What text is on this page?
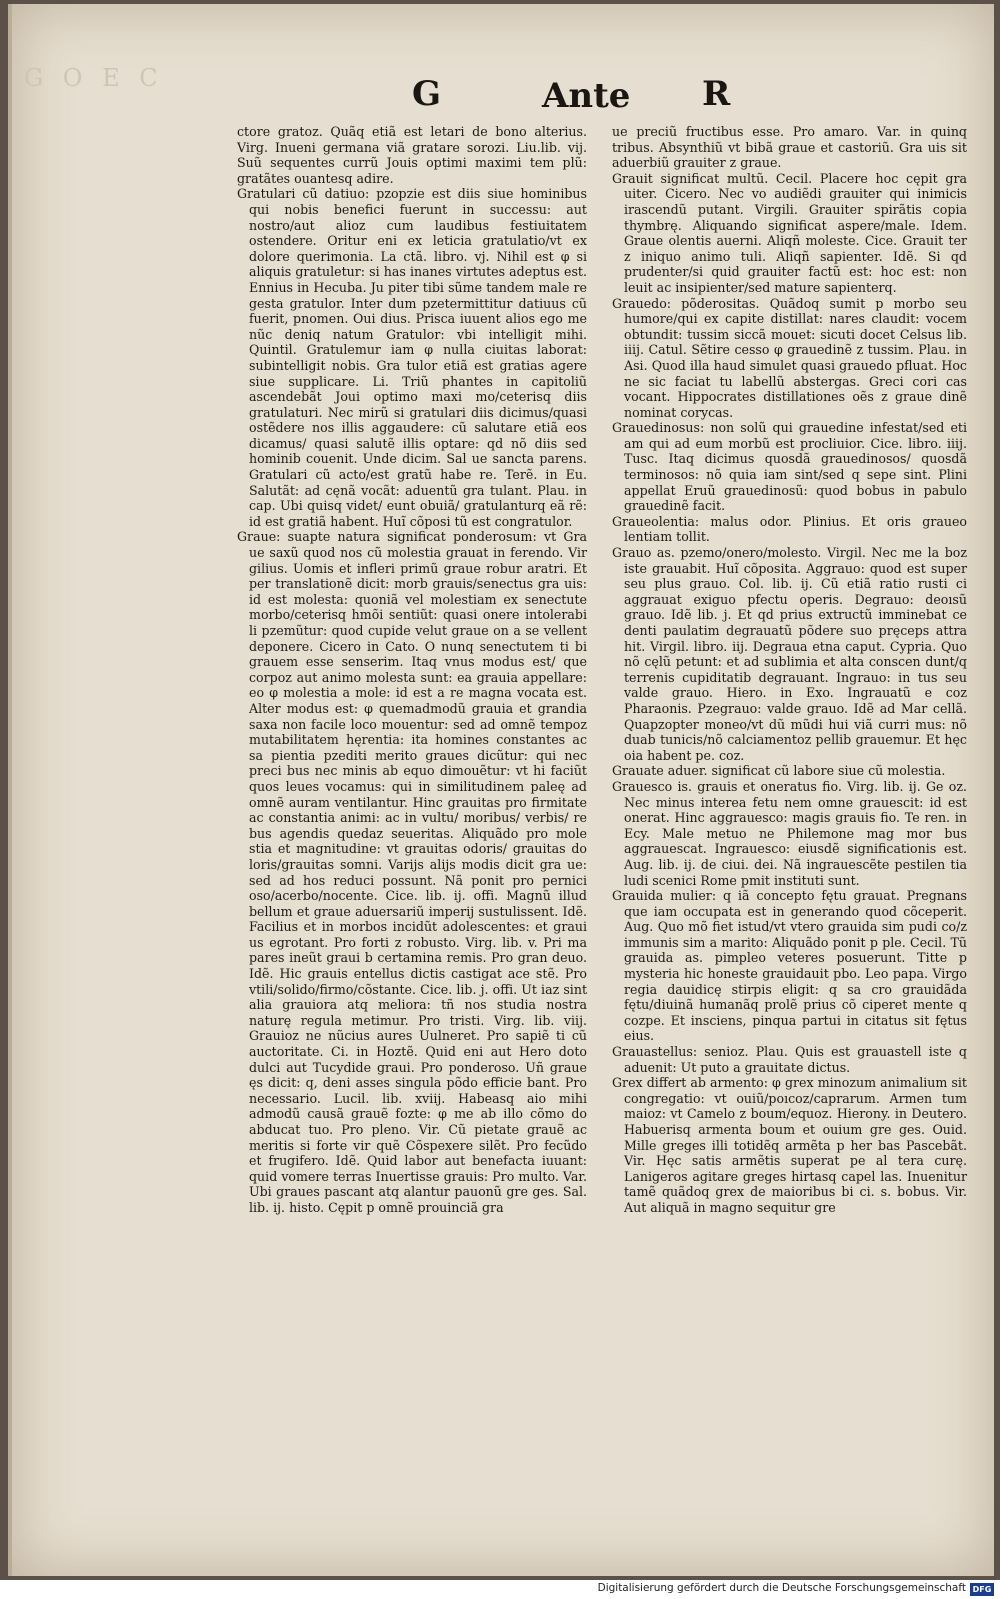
G O E C	G	Ante R

ctore gratoz. Quãq etiã est letari de bono alterius. Virg. Inueni germana viã gratare sorozi. Liu.lib. vij. Suũ sequentes currũ Jouis optimi maximi tem plũ: gratãtes ouantesq adire.

Gratulari cũ datiuo: pzopzie est diis siue hominibus qui nobis benefici fuerunt in successu: aut nostro/aut alioz cum laudibus festiuitatem ostendere. Oritur eni ex leticia gratulatio/vt ex dolore querimonia. La ctã. libro. vj. Nihil est φ si aliquis gratuletur: si has inanes virtutes adeptus est. Ennius in Hecuba. Ju piter tibi sũme tandem male re gesta gratulor. Inter dum pzetermittitur datiuus cũ fuerit, pnomen. Oui dius. Prisca iuuent alios ego me nũc deniq natum Gratulor: vbi intelligit mihi. Quintil. Gratulemur iam φ nulla ciuitas laborat: subintelligit nobis. Gra tulor etiã est gratias agere siue supplicare. Li. Triũ phantes in capitoliũ ascendebãt Joui optimo maxi mo/ceterisq diis gratulaturi. Nec mirũ si gratulari diis dicimus/quasi ostẽdere nos illis aggaudere: cũ salutare etiã eos dicamus/ quasi salutẽ illis optare: qd nõ diis sed hominib couenit. Unde dicim. Sal ue sancta parens. Gratulari cũ acto/est gratũ habe re. Terẽ. in Eu. Salutãt: ad cęnã vocãt: aduentũ gra tulant. Plau. in cap. Ubi quisq videt/ eunt obuiã/ gratulanturq eã rẽ: id est gratiã habent. Huĩ cõposi tũ est congratulor.

Graue: suapte natura significat ponderosum: vt Gra ue saxũ quod nos cũ molestia grauat in ferendo. Vir gilius. Uomis et infleri primũ graue robur aratri. Et per translationẽ dicit: morb grauis/senectus gra uis: id est molesta: quoniã vel molestiam ex senectute morbo/ceterisq hmõi sentiũt: quasi onere intolerabi li pzemũtur: quod cupide velut graue on a se vellent deponere. Cicero in Cato. O nunq senectutem ti bi grauem esse senserim. Itaq vnus modus est/ que corpoz aut animo molesta sunt: ea grauia appellare: eo φ molestia a mole: id est a re magna vocata est. Alter modus est: φ quemadmodũ grauia et grandia saxa non facile loco mouentur: sed ad omnẽ tempoz mutabilitatem hęrentia: ita homines constantes ac sa pientia pzediti merito graues dicũtur: qui nec preci bus nec minis ab equo dimouẽtur: vt hi faciũt quos leues vocamus: qui in similitudinem paleę ad omnẽ auram ventilantur. Hinc grauitas pro firmitate ac constantia animi: ac in vultu/ moribus/ verbis/ re bus agendis quedaz seueritas. Aliquãdo pro mole stia et magnitudine: vt grauitas odoris/ grauitas do loris/grauitas somni. Varijs alijs modis dicit gra ue: sed ad hos reduci possunt. Nã ponit pro pernici oso/acerbo/nocente. Cice. lib. ij. offi. Magnũ illud bellum et graue aduersariũ imperij sustulissent. Idẽ. Facilius et in morbos incidũt adolescentes: et graui us egrotant. Pro forti z robusto. Virg. lib. v. Pri ma pares ineũt graui b certamina remis. Pro gran deuo. Idẽ. Hic grauis entellus dictis castigat ace stẽ. Pro vtili/solido/firmo/cõstante. Cice. lib. j. offi. Ut iaz sint alia grauiora atq meliora: tñ nos studia nostra naturę regula metimur. Pro tristi. Virg. lib. viij. Grauioz ne nũcius aures Uulneret. Pro sapiẽ ti cũ auctoritate. Ci. in Hoztẽ. Quid eni aut Hero doto dulci aut Tucydide graui. Pro ponderoso. Uñ graue ęs dicit: q, deni asses singula põdo efficie bant. Pro necessario. Lucil. lib. xviij. Habeasq aio mihi admodũ causã grauẽ fozte: φ me ab illo cõmo do abducat tuo. Pro pleno. Vir. Cũ pietate grauẽ ac meritis si forte vir quẽ Cõspexere silẽt. Pro fecũdo et frugifero. Idẽ. Quid labor aut benefacta iuuant: quid vomere terras Inuertisse grauis: Pro multo. Var. Ubi graues pascant atq alantur pauonũ gre ges. Sal. lib. ij. histo. Cępit p omnẽ prouinciã gra

ue preciũ fructibus esse. Pro amaro. Var. in quinq tribus. Absynthiũ vt bibã graue et castoriũ. Gra uis sit aduerbiũ grauiter z graue.

Grauit significat multũ. Cecil. Placere hoc cępit gra uiter. Cicero. Nec vo audiẽdi grauiter qui inimicis irascendũ putant. Virgili. Grauiter spirãtis copia thymbrę. Aliquando significat aspere/male. Idem. Graue olentis auerni. Aliqñ moleste. Cice. Grauit ter z iniquo animo tuli. Aliqñ sapienter. Idẽ. Si qd prudenter/si quid grauiter factũ est: hoc est: non leuit ac insipienter/sed mature sapienterq.

Grauedo: põderositas. Quãdoq sumit p morbo seu humore/qui ex capite distillat: nares claudit: vocem obtundit: tussim siccã mouet: sicuti docet Celsus lib. iiij. Catul. Sẽtire cesso φ grauedinẽ z tussim. Plau. in Asi. Quod illa haud simulet quasi grauedo pfluat. Hoc ne sic faciat tu labellũ abstergas. Greci cori cas vocant. Hippocrates distillationes oẽs z graue dinẽ nominat corycas.

Grauedinosus: non solũ qui grauedine infestat/sed eti am qui ad eum morbũ est procliuior. Cice. libro. iiij. Tusc. Itaq dicimus quosdã grauedinosos/ quosdã terminosos: nõ quia iam sint/sed q sepe sint. Plini appellat Eruũ grauedinosũ: quod bobus in pabulo grauedinẽ facit.

Graueolentia: malus odor. Plinius. Et oris graueo lentiam tollit.

Grauo as. pzemo/onero/molesto. Virgil. Nec me la boz iste grauabit. Huĩ cõposita. Aggrauo: quod est super seu plus grauo. Col. lib. ij. Cũ etiã ratio rusti ci aggrauat exiguo pfectu operis. Degrauo: deoısũ grauo. Idẽ lib. j. Et qd prius extructũ imminebat ce denti paulatim degrauatũ põdere suo pręceps attra hit. Virgil. libro. iij. Degraua etna caput. Cypria. Quo nõ cęlũ petunt: et ad sublimia et alta conscen dunt/q terrenis cupiditatib degrauant. Ingrauo: in tus seu valde grauo. Hiero. in Exo. Ingrauatũ e coz Pharaonis. Pzegrauo: valde grauo. Idẽ ad Mar cellã. Quapzopter moneo/vt dũ mũdi hui viã curri mus: nõ duab tunicis/nõ calciamentoz pellib grauemur. Et hęc oia habent pe. coz.

Grauate aduer. significat cũ labore siue cũ molestia.

Grauesco is. grauis et oneratus fio. Virg. lib. ij. Ge oz. Nec minus interea fetu nem omne grauescit: id est onerat. Hinc aggrauesco: magis grauis fio. Te ren. in Ecy. Male metuo ne Philemone mag mor bus aggrauescat. Ingrauesco: eiusdẽ significationis est. Aug. lib. ij. de ciui. dei. Nã ingrauescẽte pestilen tia ludi scenici Rome pmit instituti sunt.

Grauida mulier: q iã concepto fętu grauat. Pregnans que iam occupata est in generando quod cõceperit. Aug. Quo mõ fiet istud/vt vtero grauida sim pudi co/z immunis sim a marito: Aliquãdo ponit p ple. Cecil. Tũ grauida as. pimpleo veteres posuerunt. Titte p mysteria hic honeste grauidauit pbo. Leo papa. Virgo regia dauidicę stirpis eligit: q sa cro grauidãda fętu/diuinã humanãq prolẽ prius cõ ciperet mente q cozpe. Et insciens, pinqua partui in citatus sit fętus eius.

Grauastellus: senioz. Plau. Quis est grauastell iste q aduenit: Ut puto a grauitate dictus.

Grex differt ab armento: φ grex minozum animalium sit congregatio: vt ouiũ/poıcoz/caprarum. Armen tum maioz: vt Camelo z boum/equoz. Hierony. in Deutero. Habuerisq armenta boum et ouium gre ges. Ouid. Mille greges illi totidẽq armẽta p her bas Pascebãt. Vir. Hęc satis armẽtis superat pe al tera curę. Lanigeros agitare greges hirtasq capel las. Inuenitur tamẽ quãdoq grex de maioribus bi ci. s. bobus. Vir. Aut aliquã in magno sequitur gre

Digitalisierung gefördert durch die Deutsche Forschungsgemeinschaft DFG
